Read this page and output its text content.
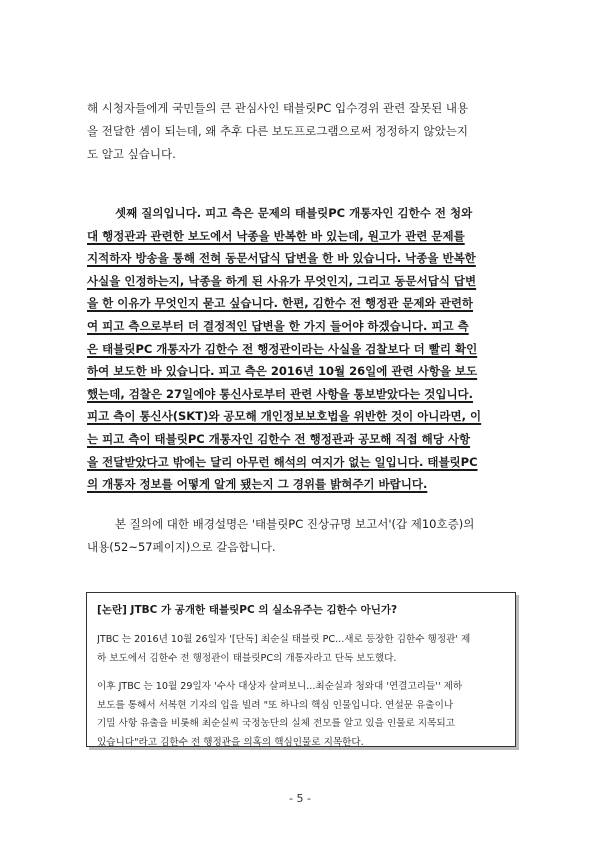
해 시청자들에게 국민들의 큰 관심사인 태블릿PC 입수경위 관련 잘못된 내용
을 전달한 셈이 되는데, 왜 추후 다른 보도프로그램으로써 정정하지 않았는지
도 알고 싶습니다.
셋째 질의입니다. 피고 측은 문제의 태블릿PC 개통자인 김한수 전 청와
대 행정관과 관련한 보도에서 낙종을 반복한 바 있는데, 원고가 관련 문제를
지적하자 방송을 통해 전혀 동문서답식 답변을 한 바 있습니다. 낙종을 반복한
사실을 인정하는지, 낙종을 하게 된 사유가 무엇인지, 그리고 동문서답식 답변
을 한 이유가 무엇인지 묻고 싶습니다. 한편, 김한수 전 행정관 문제와 관련하
여 피고 측으로부터 더 결정적인 답변을 한 가지 들어야 하겠습니다. 피고 측
은 태블릿PC 개통자가 김한수 전 행정관이라는 사실을 검찰보다 더 빨리 확인
하여 보도한 바 있습니다. 피고 측은 2016년 10월 26일에 관련 사항을 보도
했는데, 검찰은 27일에야 통신사로부터 관련 사항을 통보받았다는 것입니다.
피고 측이 통신사(SKT)와 공모해 개인정보보호법을 위반한 것이 아니라면, 이
는 피고 측이 태블릿PC 개통자인 김한수 전 행정관과 공모해 직접 해당 사항
을 전달받았다고 밖에는 달리 아무런 해석의 여지가 없는 일입니다. 태블릿PC
의 개통자 정보를 어떻게 알게 됐는지 그 경위를 밝혀주기 바랍니다.
본 질의에 대한 배경설명은 '태블릿PC 진상규명 보고서'(갑 제10호증)의
내용(52~57페이지)으로 갈음합니다.
[논란] JTBC 가 공개한 태블릿PC 의 실소유주는 김한수 아닌가?
JTBC 는 2016년 10월 26일자 '[단독] 최순실 태블릿 PC...새로 등장한 김한수 행정관' 제
하 보도에서 김한수 전 행정관이 태블릿PC의 개통자라고 단독 보도했다.
이후 JTBC 는 10월 29일자 '수사 대상자 살펴보니...최순실과 청와대 '연결고리들'' 제하
보도를 통해서 서복현 기자의 입을 빌려 "또 하나의 핵심 인물입니다. 연설문 유출이나
기밀 사항 유출을 비롯해 최순실씨 국정농단의 실체 전모를 알고 있을 인물로 지목되고
있습니다"라고 김한수 전 행정관을 의혹의 핵심인물로 지목한다.
- 5 -
